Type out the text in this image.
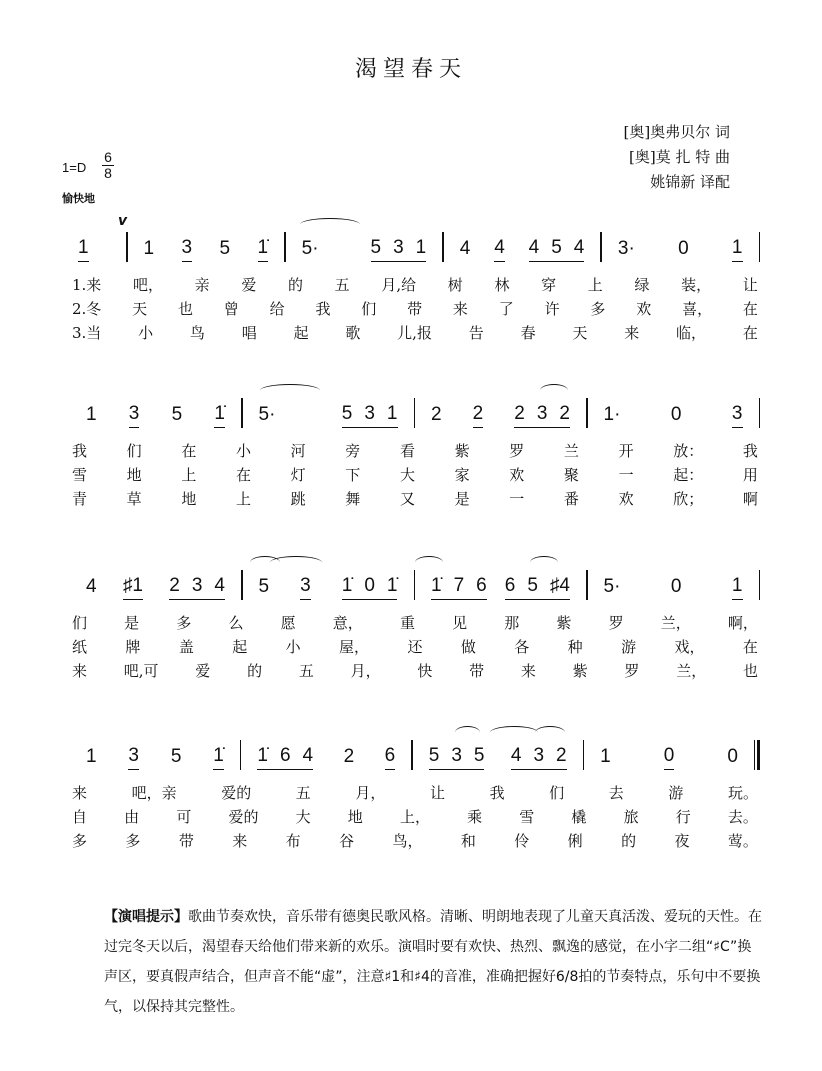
渴望春天
[奥]奥弗贝尔 词
[奥]莫 扎 特 曲
姚锦新 译配
1=D
6
8
愉快地
v
1	1 3 5 1̇ 5·	5 3 1 4 4 4 5 4 3· 0 1
1.来 吧， 亲 爱 的 五 月,给 树 林 穿 上 绿 装， 让
2.冬 天 也 曾 给 我 们 带 来 了 许 多 欢 喜， 在
3.当 小 鸟 唱 起 歌 儿,报 告 春 天 来 临， 在
1 3 5 1̇ 5·	5 3 1 2 2 2 3 2 1·	0	3
我	们	在	小	河	旁	看	紫	罗	兰	开	放：	我
雪	地	上	在	灯	下	大	家	欢	聚	一	起：	用
青	草	地	上	跳	舞	又	是	一	番	欢	欣；	啊
4 ♯1 2 3 4 5 3 1̇ 0 1̇ 1̇ 7 6 6 5 ♯4 5·	0	1
们 是 多 么 愿 意， 重 见 那 紫 罗 兰， 啊，
纸	牌	盖	起	小	屋，	还	做	各	种	游	戏，	在
来 吧,可 爱 的 五 月， 快 带 来 紫 罗 兰， 也
1 3 5 1̇ 1̇ 6 4 2 6 5 3 5 4 3 2 1	0	0
来	吧，亲	爱的	五	月，	让	我	们	去	游	玩。
自 由 可 爱的 大 地 上， 乘 雪 橇 旅 行 去。
多	多	带	来	布	谷	鸟，	和	伶	俐	的	夜	莺。
【演唱提示】歌曲节奏欢快，音乐带有德奥民歌风格。清晰、明朗地表现了儿童天真活泼、爱玩的天性。在过完冬天以后，渴望春天给他们带来新的欢乐。演唱时要有欢快、热烈、飘逸的感觉，在小字二组“♯C”换声区，要真假声结合，但声音不能“虚”，注意♯1和♯4的音准，准确把握好6/8拍的节奏特点，乐句中不要换气，以保持其完整性。
